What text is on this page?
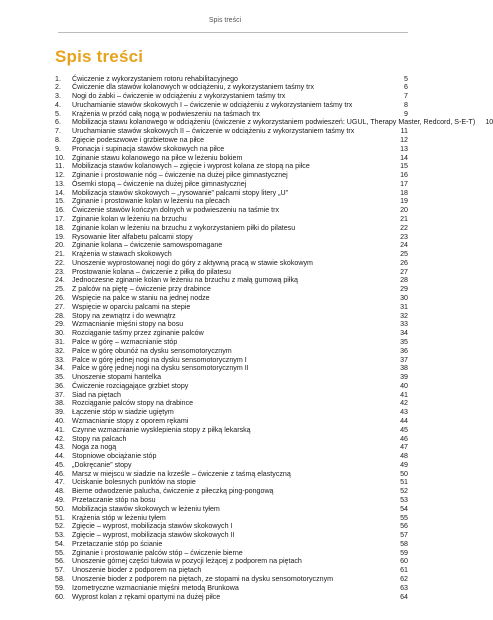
Spis treści
Spis treści
1.	Ćwiczenie z wykorzystaniem rotoru rehabilitacyjnego	5
2.	Ćwiczenie dla stawów kolanowych w odciążeniu, z wykorzystaniem taśmy trx	6
3.	Nogi do żabki – ćwiczenie w odciążeniu z wykorzystaniem taśmy trx	7
4.	Uruchamianie stawów skokowych I – ćwiczenie w odciążeniu z wykorzystaniem taśmy trx	8
5.	Krążenia w przód całą nogą w podwieszeniu na taśmach trx	9
6.	Mobilizacja stawu kolanowego w odciążeniu (ćwiczenie z wykorzystaniem podwieszeń: UGUL, Therapy Master, Redcord, S-E-T)	10
7.	Uruchamianie stawów skokowych II – ćwiczenie w odciążeniu z wykorzystaniem taśmy trx	11
8.	Zgięcie podeszwowe i grzbietowe na piłce	12
9.	Pronacja i supinacja stawów skokowych na piłce	13
10.	Zginanie stawu kolanowego na piłce w leżeniu bokiem	14
11.	Mobilizacja stawów kolanowych – zgięcie i wyprost kolana ze stopą na piłce	15
12.	Zginanie i prostowanie nóg – ćwiczenie na dużej piłce gimnastycznej	16
13.	Ósemki stopą – ćwiczenie na dużej piłce gimnastycznej	17
14.	Mobilizacja stawów skokowych – „rysowanie” palcami stopy litery „U”	18
15.	Zginanie i prostowanie kolan w leżeniu na plecach	19
16.	Ćwiczenie stawów kończyn dolnych w podwieszeniu na taśmie trx	20
17.	Zginanie kolan w leżeniu na brzuchu	21
18.	Zginanie kolan w leżeniu na brzuchu z wykorzystaniem piłki do pilatesu	22
19.	Rysowanie liter alfabetu palcami stopy	23
20.	Zginanie kolana – ćwiczenie samowspomagane	24
21.	Krążenia w stawach skokowych	25
22.	Unoszenie wyprostowanej nogi do góry z aktywną pracą w stawie skokowym	26
23.	Prostowanie kolana – ćwiczenie z piłką do pilatesu	27
24.	Jednoczesne zginanie kolan w leżeniu na brzuchu z małą gumową piłką	28
25.	Z palców na piętę – ćwiczenie przy drabince	29
26.	Wspięcie na palce w staniu na jednej nodze	30
27.	Wspięcie w oparciu palcami na stepie	31
28.	Stopy na zewnątrz i do wewnątrz	32
29.	Wzmacnianie mięśni stopy na bosu	33
30.	Rozciąganie taśmy przez zginanie palców	34
31.	Palce w górę – wzmacnianie stóp	35
32.	Palce w górę obunóż na dysku sensomotorycznym	36
33.	Palce w górę jednej nogi na dysku sensomotorycznym I	37
34.	Palce w górę jednej nogi na dysku sensomotorycznym II	38
35.	Unoszenie stopami hantelka	39
36.	Ćwiczenie rozciągające grzbiet stopy	40
37.	Siad na piętach	41
38.	Rozciąganie palców stopy na drabince	42
39.	Łączenie stóp w siadzie ugiętym	43
40.	Wzmacnianie stopy z oporem rękami	44
41.	Czynne wzmacnianie wysklepienia stopy z piłką lekarską	45
42.	Stopy na palcach	46
43.	Noga za nogą	47
44.	Stopniowe obciążanie stóp	48
45.	„Dokręcanie” stopy	49
46.	Marsz w miejscu w siadzie na krześle – ćwiczenie z taśmą elastyczną	50
47.	Uciskanie bolesnych punktów na stopie	51
48.	Bierne odwodzenie palucha, ćwiczenie z piłeczką ping-pongową	52
49.	Przetaczanie stóp na bosu	53
50.	Mobilizacja stawów skokowych w leżeniu tyłem	54
51.	Krążenia stóp w leżeniu tyłem	55
52.	Zgięcie – wyprost, mobilizacja stawów skokowych I	56
53.	Zgięcie – wyprost, mobilizacja stawów skokowych II	57
54.	Przetaczanie stóp po ścianie	58
55.	Zginanie i prostowanie palców stóp – ćwiczenie bierne	59
56.	Unoszenie górnej części tułowia w pozycji leżącej z podporem na piętach	60
57.	Unoszenie bioder z podporem na piętach	61
58.	Unoszenie bioder z podporem na piętach, ze stopami na dysku sensomotorycznym	62
59.	Izometryczne wzmacnianie mięśni metodą Brunkowa	63
60.	Wyprost kolan z rękami opartymi na dużej piłce	64
